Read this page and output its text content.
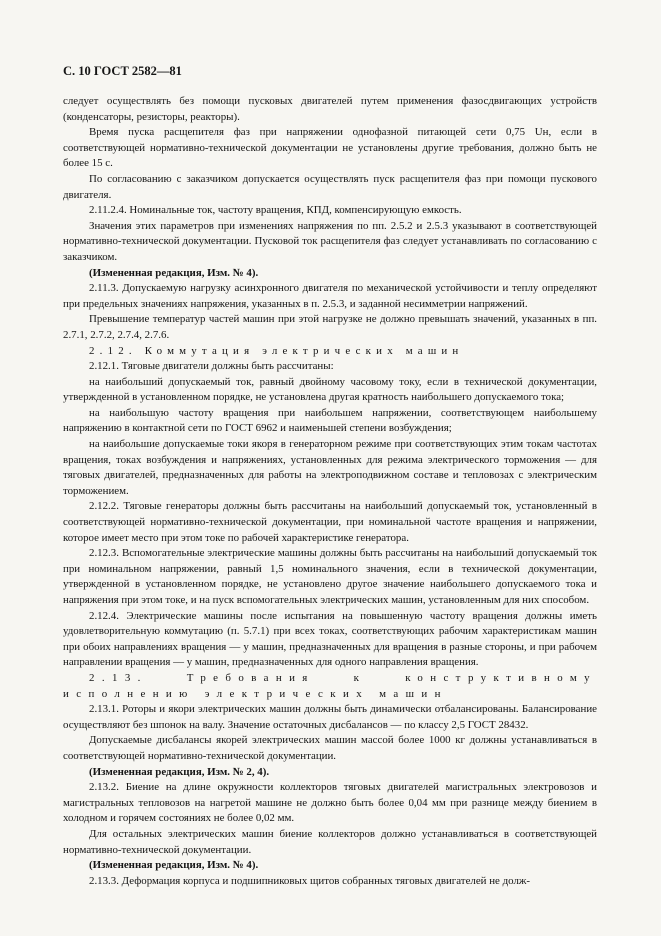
С. 10 ГОСТ 2582—81

следует осуществлять без помощи пусковых двигателей путем применения фазосдвигающих устройств (конденсаторы, резисторы, реакторы).

Время пуска расщепителя фаз при напряжении однофазной питающей сети 0,75 Uн, если в соответствующей нормативно-технической документации не установлены другие требования, должно быть не более 15 с.

По согласованию с заказчиком допускается осуществлять пуск расщепителя фаз при помощи пускового двигателя.

2.11.2.4. Номинальные ток, частоту вращения, КПД, компенсирующую емкость.

Значения этих параметров при изменениях напряжения по пп. 2.5.2 и 2.5.3 указывают в соответствующей нормативно-технической документации. Пусковой ток расщепителя фаз следует устанавливать по согласованию с заказчиком.

(Измененная редакция, Изм. № 4).

2.11.3. Допускаемую нагрузку асинхронного двигателя по механической устойчивости и теплу определяют при предельных значениях напряжения, указанных в п. 2.5.3, и заданной несимметрии напряжений.

Превышение температур частей машин при этой нагрузке не должно превышать значений, указанных в пп. 2.7.1, 2.7.2, 2.7.4, 2.7.6.

2.12. Коммутация электрических машин

2.12.1. Тяговые двигатели должны быть рассчитаны:

на наибольший допускаемый ток, равный двойному часовому току, если в технической документации, утвержденной в установленном порядке, не установлена другая кратность наибольшего допускаемого тока;

на наибольшую частоту вращения при наибольшем напряжении, соответствующем наибольшему напряжению в контактной сети по ГОСТ 6962 и наименьшей степени возбуждения;

на наибольшие допускаемые токи якоря в генераторном режиме при соответствующих этим токам частотах вращения, токах возбуждения и напряжениях, установленных для режима электрического торможения — для тяговых двигателей, предназначенных для работы на электроподвижном составе и тепловозах с электрическим торможением.

2.12.2. Тяговые генераторы должны быть рассчитаны на наибольший допускаемый ток, установленный в соответствующей нормативно-технической документации, при номинальной частоте вращения и напряжении, которое имеет место при этом токе по рабочей характеристике генератора.

2.12.3. Вспомогательные электрические машины должны быть рассчитаны на наибольший допускаемый ток при номинальном напряжении, равный 1,5 номинального значения, если в технической документации, утвержденной в установленном порядке, не установлено другое значение наибольшего допускаемого тока и напряжения при этом токе, и на пуск вспомогательных электрических машин, установленным для них способом.

2.12.4. Электрические машины после испытания на повышенную частоту вращения должны иметь удовлетворительную коммутацию (п. 5.7.1) при всех токах, соответствующих рабочим характеристикам машин при обоих направлениях вращения — у машин, предназначенных для вращения в разные стороны, и при рабочем направлении вращения — у машин, предназначенных для одного направления вращения.

2.13. Требования к конструктивному исполнению электрических машин

2.13.1. Роторы и якори электрических машин должны быть динамически отбалансированы. Балансирование осуществляют без шпонок на валу. Значение остаточных дисбалансов — по классу 2,5 ГОСТ 28432.

Допускаемые дисбалансы якорей электрических машин массой более 1000 кг должны устанавливаться в соответствующей нормативно-технической документации.

(Измененная редакция, Изм. № 2, 4).

2.13.2. Биение на длине окружности коллекторов тяговых двигателей магистральных электровозов и магистральных тепловозов на нагретой машине не должно быть более 0,04 мм при разнице между биением в холодном и горячем состояниях не более 0,02 мм.

Для остальных электрических машин биение коллекторов должно устанавливаться в соответствующей нормативно-технической документации.

(Измененная редакция, Изм. № 4).

2.13.3. Деформация корпуса и подшипниковых щитов собранных тяговых двигателей не долж-
